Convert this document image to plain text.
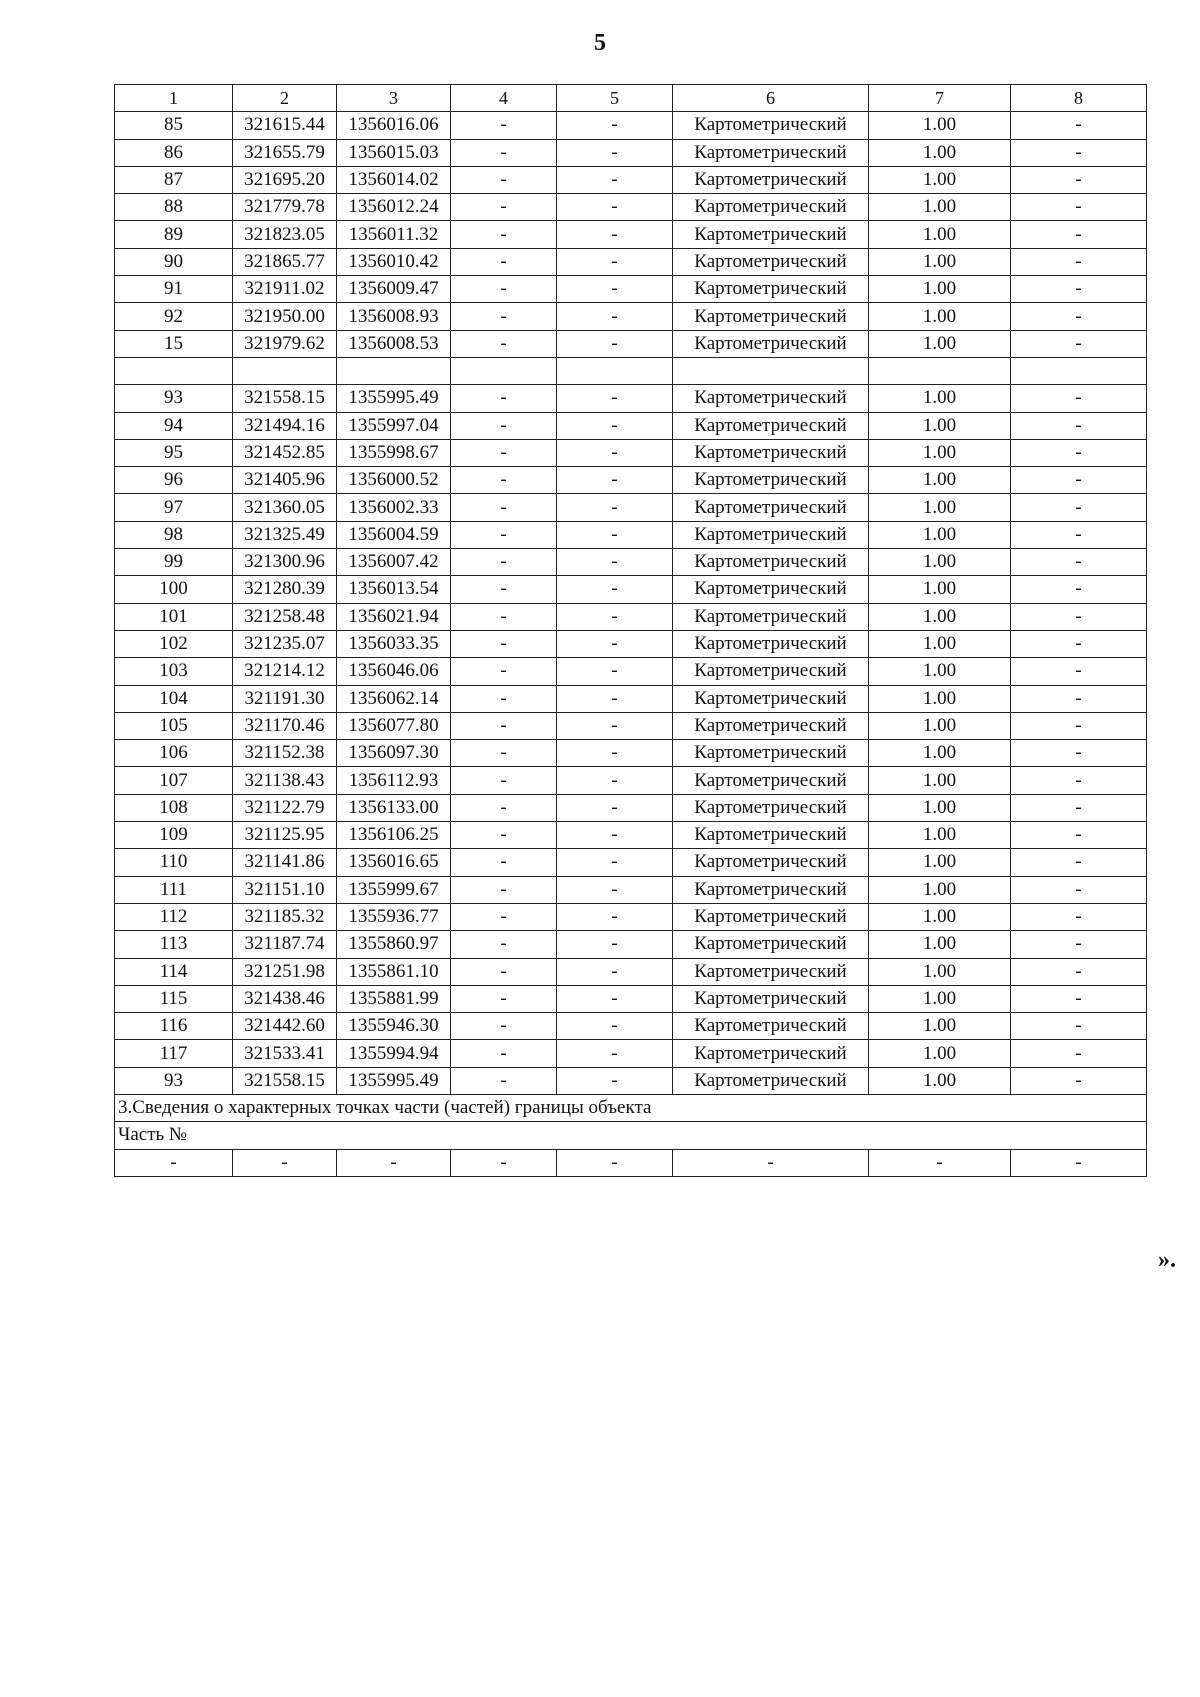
5
1	2	3	4	5	6	7	8
85	321615.44	1356016.06	-	-	Картометрический	1.00	-
86	321655.79	1356015.03	-	-	Картометрический	1.00	-
87	321695.20	1356014.02	-	-	Картометрический	1.00	-
88	321779.78	1356012.24	-	-	Картометрический	1.00	-
89	321823.05	1356011.32	-	-	Картометрический	1.00	-
90	321865.77	1356010.42	-	-	Картометрический	1.00	-
91	321911.02	1356009.47	-	-	Картометрический	1.00	-
92	321950.00	1356008.93	-	-	Картометрический	1.00	-
15	321979.62	1356008.53	-	-	Картометрический	1.00	-

93	321558.15	1355995.49	-	-	Картометрический	1.00	-
94	321494.16	1355997.04	-	-	Картометрический	1.00	-
95	321452.85	1355998.67	-	-	Картометрический	1.00	-
96	321405.96	1356000.52	-	-	Картометрический	1.00	-
97	321360.05	1356002.33	-	-	Картометрический	1.00	-
98	321325.49	1356004.59	-	-	Картометрический	1.00	-
99	321300.96	1356007.42	-	-	Картометрический	1.00	-
100	321280.39	1356013.54	-	-	Картометрический	1.00	-
101	321258.48	1356021.94	-	-	Картометрический	1.00	-
102	321235.07	1356033.35	-	-	Картометрический	1.00	-
103	321214.12	1356046.06	-	-	Картометрический	1.00	-
104	321191.30	1356062.14	-	-	Картометрический	1.00	-
105	321170.46	1356077.80	-	-	Картометрический	1.00	-
106	321152.38	1356097.30	-	-	Картометрический	1.00	-
107	321138.43	1356112.93	-	-	Картометрический	1.00	-
108	321122.79	1356133.00	-	-	Картометрический	1.00	-
109	321125.95	1356106.25	-	-	Картометрический	1.00	-
110	321141.86	1356016.65	-	-	Картометрический	1.00	-
111	321151.10	1355999.67	-	-	Картометрический	1.00	-
112	321185.32	1355936.77	-	-	Картометрический	1.00	-
113	321187.74	1355860.97	-	-	Картометрический	1.00	-
114	321251.98	1355861.10	-	-	Картометрический	1.00	-
115	321438.46	1355881.99	-	-	Картометрический	1.00	-
116	321442.60	1355946.30	-	-	Картометрический	1.00	-
117	321533.41	1355994.94	-	-	Картометрический	1.00	-
93	321558.15	1355995.49	-	-	Картометрический	1.00	-
3.Сведения о характерных точках части (частей) границы объекта							
Часть №							
-	-	-	-	-	-	-	-
».
